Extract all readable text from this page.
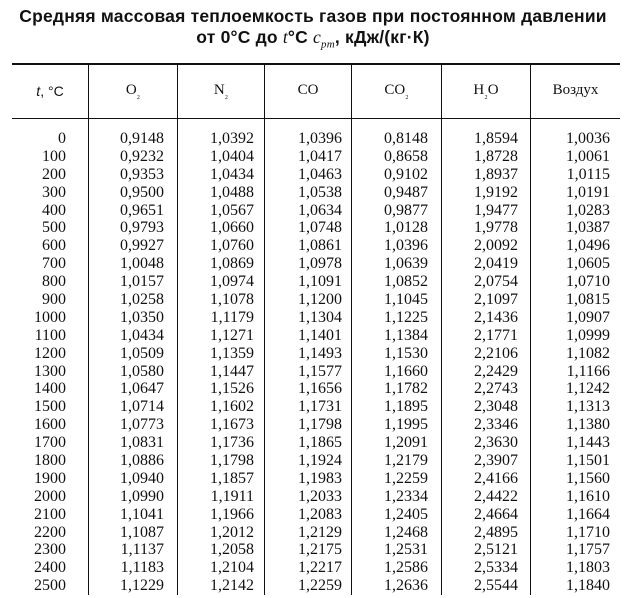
Средняя массовая теплоемкость газов при постоянном давлении
от 0°С до t°С $c_{pm}$, кДж/(кг·К)
t , °С	O ₂	N ₂	CO	CO ₂	H ₂ O	Воздух
0	0,9148	1,0392	1,0396	0,8148	1,8594	1,0036
100	0,9232	1,0404	1,0417	0,8658	1,8728	1,0061
200	0,9353	1,0434	1,0463	0,9102	1,8937	1,0115
300	0,9500	1,0488	1,0538	0,9487	1,9192	1,0191
400	0,9651	1,0567	1,0634	0,9877	1,9477	1,0283
500	0,9793	1,0660	1,0748	1,0128	1,9778	1,0387
600	0,9927	1,0760	1,0861	1,0396	2,0092	1,0496
700	1,0048	1,0869	1,0978	1,0639	2,0419	1,0605
800	1,0157	1,0974	1,1091	1,0852	2,0754	1,0710
900	1,0258	1,1078	1,1200	1,1045	2,1097	1,0815
1000	1,0350	1,1179	1,1304	1,1225	2,1436	1,0907
1100	1,0434	1,1271	1,1401	1,1384	2,1771	1,0999
1200	1,0509	1,1359	1,1493	1,1530	2,2106	1,1082
1300	1,0580	1,1447	1,1577	1,1660	2,2429	1,1166
1400	1,0647	1,1526	1,1656	1,1782	2,2743	1,1242
1500	1,0714	1,1602	1,1731	1,1895	2,3048	1,1313
1600	1,0773	1,1673	1,1798	1,1995	2,3346	1,1380
1700	1,0831	1,1736	1,1865	1,2091	2,3630	1,1443
1800	1,0886	1,1798	1,1924	1,2179	2,3907	1,1501
1900	1,0940	1,1857	1,1983	1,2259	2,4166	1,1560
2000	1,0990	1,1911	1,2033	1,2334	2,4422	1,1610
2100	1,1041	1,1966	1,2083	1,2405	2,4664	1,1664
2200	1,1087	1,2012	1,2129	1,2468	2,4895	1,1710
2300	1,1137	1,2058	1,2175	1,2531	2,5121	1,1757
2400	1,1183	1,2104	1,2217	1,2586	2,5334	1,1803
2500	1,1229	1,2142	1,2259	1,2636	2,5544	1,1840
